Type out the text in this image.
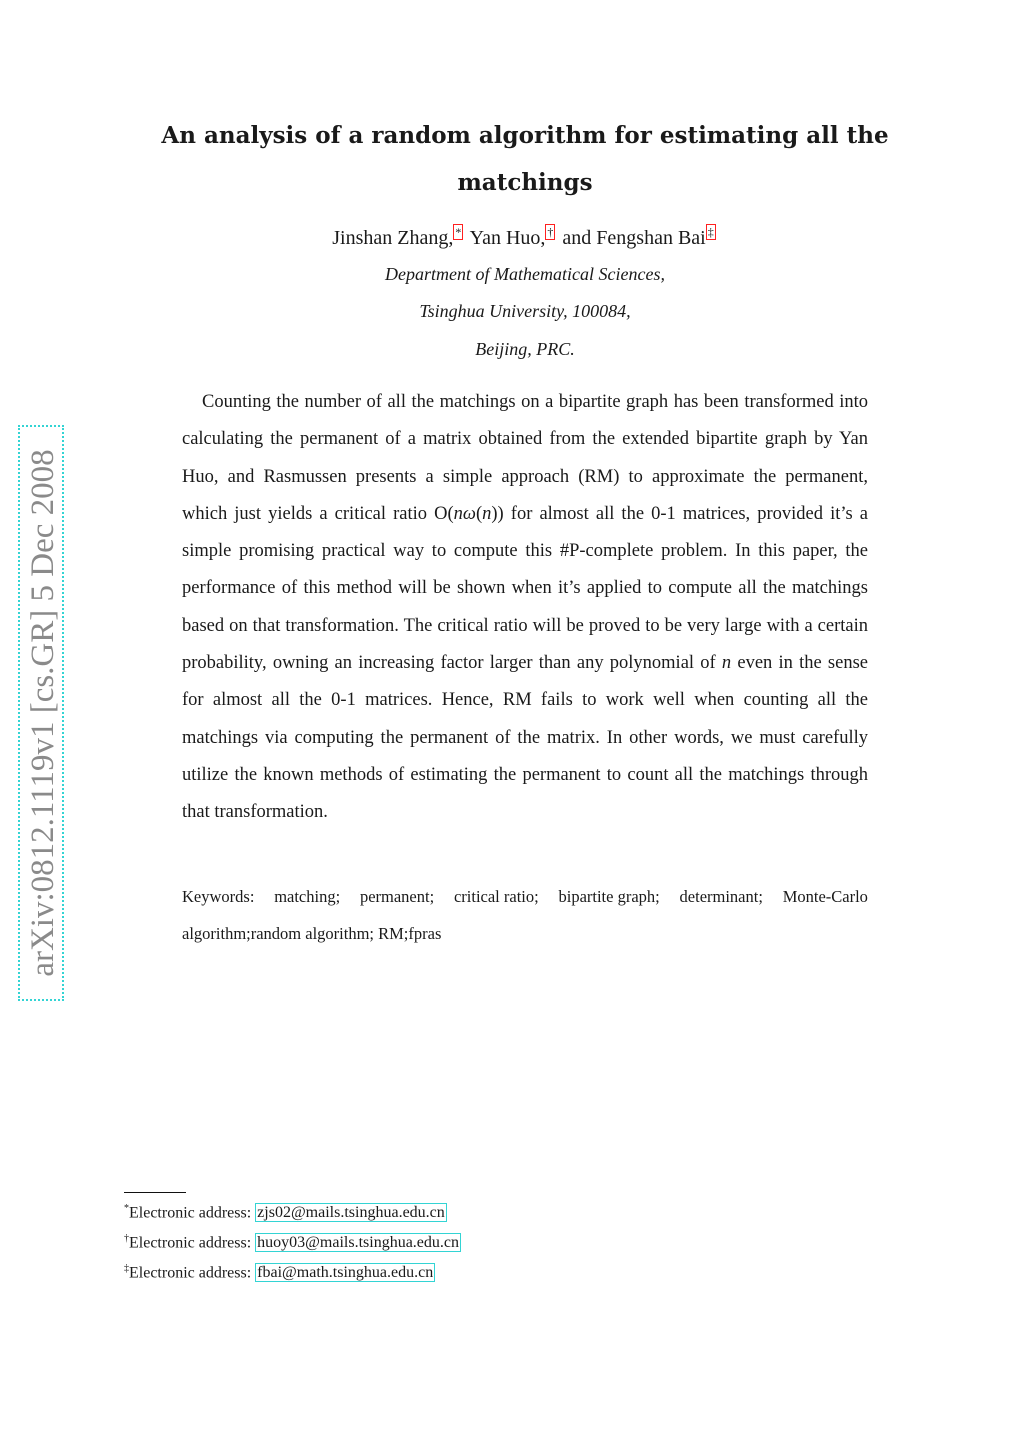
An analysis of a random algorithm for estimating all the
matchings
Jinshan Zhang, * Yan Huo, † and Fengshan Bai ‡
Department of Mathematical Sciences,
Tsinghua University, 100084,
Beijing, PRC.
Counting the number of all the matchings on a bipartite graph has been transformed into calculating the permanent of a matrix obtained from the extended bipartite graph by Yan Huo, and Rasmussen presents a simple approach (RM) to approximate the permanent, which just yields a critical ratio O(nω(n)) for almost all the 0-1 matrices, provided it’s a simple promising practical way to compute this #P-complete problem. In this paper, the performance of this method will be shown when it’s applied to compute all the matchings based on that transformation. The critical ratio will be proved to be very large with a certain probability, owning an increasing factor larger than any polynomial of n even in the sense for almost all the 0-1 matrices. Hence, RM fails to work well when counting all the matchings via computing the permanent of the matrix. In other words, we must carefully utilize the known methods of estimating the permanent to count all the matchings through that transformation.
Keywords: matching; permanent; critical ratio; bipartite graph; determinant; Monte-Carlo
algorithm;random algorithm; RM;fpras
arXiv:0812.1119v1 [cs.GR] 5 Dec 2008
*Electronic address: zjs02@mails.tsinghua.edu.cn
†Electronic address: huoy03@mails.tsinghua.edu.cn
‡Electronic address: fbai@math.tsinghua.edu.cn
